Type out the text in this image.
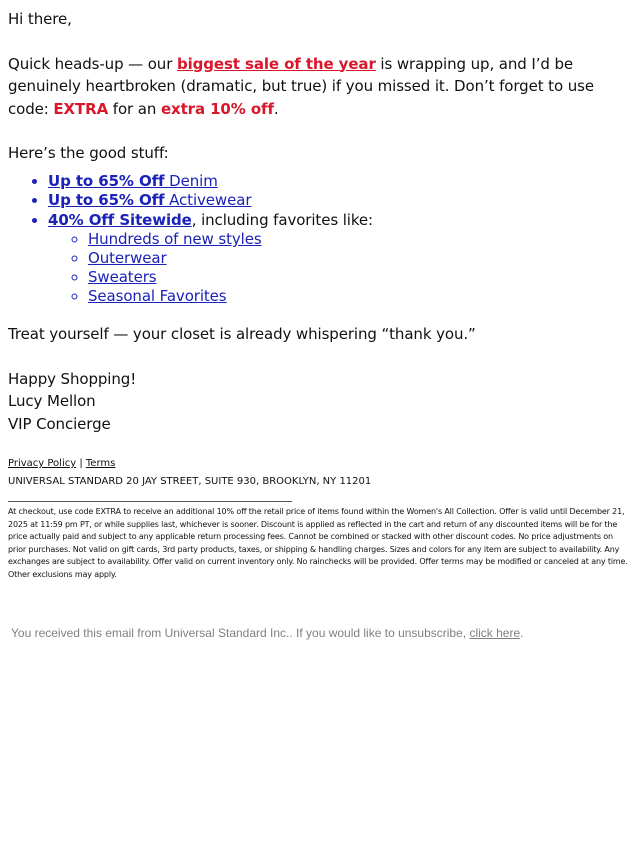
Hi there,

Quick heads-up — our biggest sale of the year is wrapping up, and I’d be genuinely heartbroken (dramatic, but true) if you missed it. Don’t forget to use code: EXTRA for an extra 10% off.

Here’s the good stuff:

• Up to 65% Off Denim
• Up to 65% Off Activewear
• 40% Off Sitewide, including favorites like:
◦ Hundreds of new styles
◦ Outerwear
◦ Sweaters
◦ Seasonal Favorites

Treat yourself — your closet is already whispering “thank you.”

Happy Shopping!

Lucy Mellon

VIP Concierge

Privacy Policy | Terms
UNIVERSAL STANDARD 20 JAY STREET, SUITE 930, BROOKLYN, NY 11201
At checkout, use code EXTRA to receive an additional 10% off the retail price of items found within the Women's All Collection. Offer is valid until December 21, 2025 at 11:59 pm PT, or while supplies last, whichever is sooner. Discount is applied as reflected in the cart and return of any discounted items will be for the price actually paid and subject to any applicable return processing fees. Cannot be combined or stacked with other discount codes. No price adjustments on prior purchases. Not valid on gift cards, 3rd party products, taxes, or shipping & handling charges. Sizes and colors for any item are subject to availability. Any exchanges are subject to availability. Offer valid on current inventory only. No rainchecks will be provided. Offer terms may be modified or canceled at any time. Other exclusions may apply.
You received this email from Universal Standard Inc.. If you would like to unsubscribe, click here.
